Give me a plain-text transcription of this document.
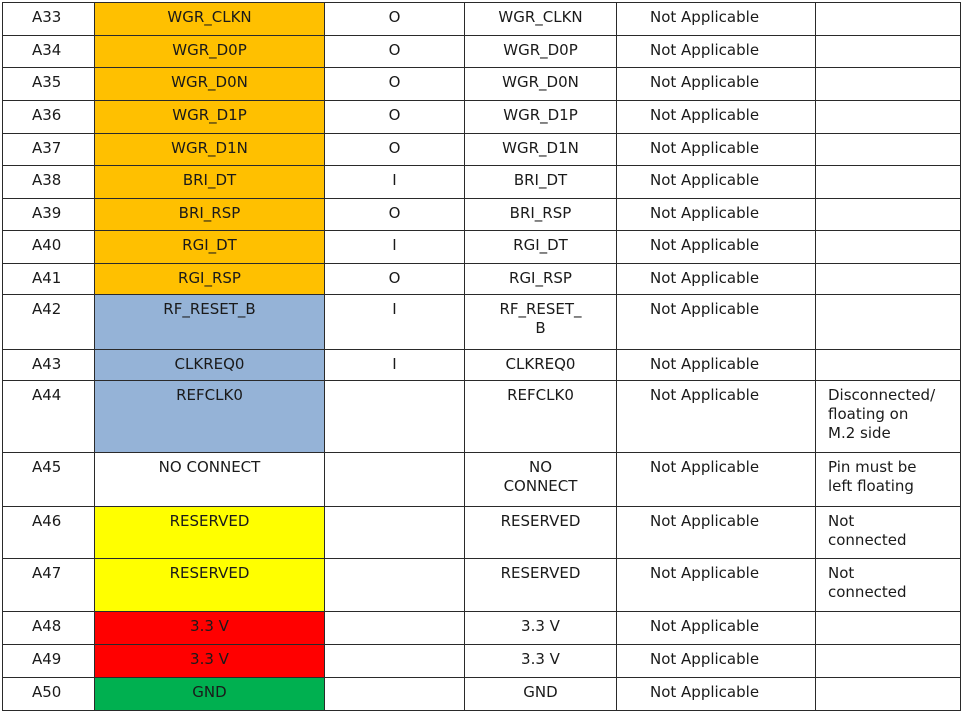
A33	WGR_CLKN	O	WGR_CLKN	Not Applicable	

A34	WGR_D0P	O	WGR_D0P	Not Applicable	

A35	WGR_D0N	O	WGR_D0N	Not Applicable	

A36	WGR_D1P	O	WGR_D1P	Not Applicable	

A37	WGR_D1N	O	WGR_D1N	Not Applicable	

A38	BRI_DT	I	BRI_DT	Not Applicable	

A39	BRI_RSP	O	BRI_RSP	Not Applicable	

A40	RGI_DT	I	RGI_DT	Not Applicable	

A41	RGI_RSP	O	RGI_RSP	Not Applicable	

A42	RF_RESET_B	I	RF_RESET_
B	Not Applicable	

A43	CLKREQ0	I	CLKREQ0	Not Applicable	

A44	REFCLK0		REFCLK0	Not Applicable	Disconnected/
floating on
M.2 side

A45	NO CONNECT		NO
CONNECT	Not Applicable	Pin must be
left floating

A46	RESERVED		RESERVED	Not Applicable	Not
connected

A47	RESERVED		RESERVED	Not Applicable	Not
connected

A48	3.3 V		3.3 V	Not Applicable	

A49	3.3 V		3.3 V	Not Applicable	

A50	GND		GND	Not Applicable	
